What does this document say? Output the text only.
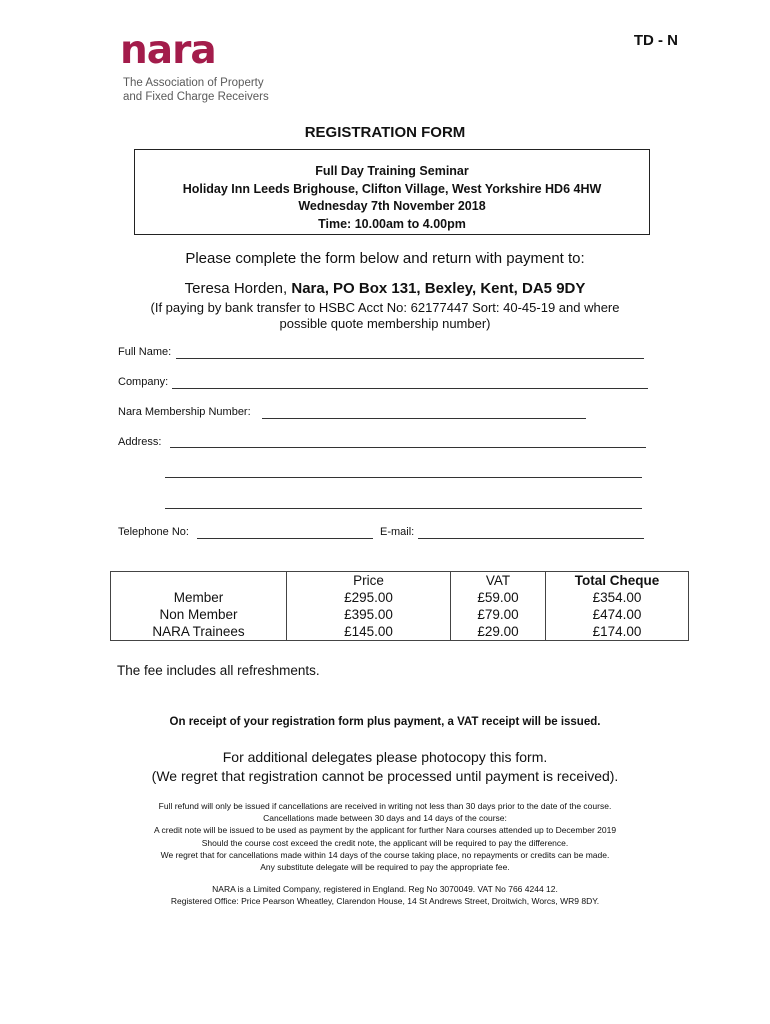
nara
The Association of Property
and Fixed Charge Receivers
TD - N
REGISTRATION FORM
Full Day Training Seminar
Holiday Inn Leeds Brighouse, Clifton Village, West Yorkshire HD6 4HW
Wednesday 7th November 2018
Time: 10.00am to 4.00pm
Please complete the form below and return with payment to:
Teresa Horden, Nara, PO Box 131, Bexley, Kent, DA5 9DY
(If paying by bank transfer to HSBC Acct No: 62177447 Sort: 40-45-19 and where
possible quote membership number)
Full Name:
Company:
Nara Membership Number:
Address:
Telephone No:	E-mail:
	Price	VAT	Total Cheque
Member	£295.00	£59.00	£354.00
Non Member	£395.00	£79.00	£474.00
NARA Trainees	£145.00	£29.00	£174.00
The fee includes all refreshments.
On receipt of your registration form plus payment, a VAT receipt will be issued.
For additional delegates please photocopy this form.
(We regret that registration cannot be processed until payment is received).
Full refund will only be issued if cancellations are received in writing not less than 30 days prior to the date of the course.
Cancellations made between 30 days and 14 days of the course:
A credit note will be issued to be used as payment by the applicant for further Nara courses attended up to December 2019
Should the course cost exceed the credit note, the applicant will be required to pay the difference.
We regret that for cancellations made within 14 days of the course taking place, no repayments or credits can be made.
Any substitute delegate will be required to pay the appropriate fee.
NARA is a Limited Company, registered in England. Reg No 3070049. VAT No 766 4244 12.
Registered Office: Price Pearson Wheatley, Clarendon House, 14 St Andrews Street, Droitwich, Worcs, WR9 8DY.
